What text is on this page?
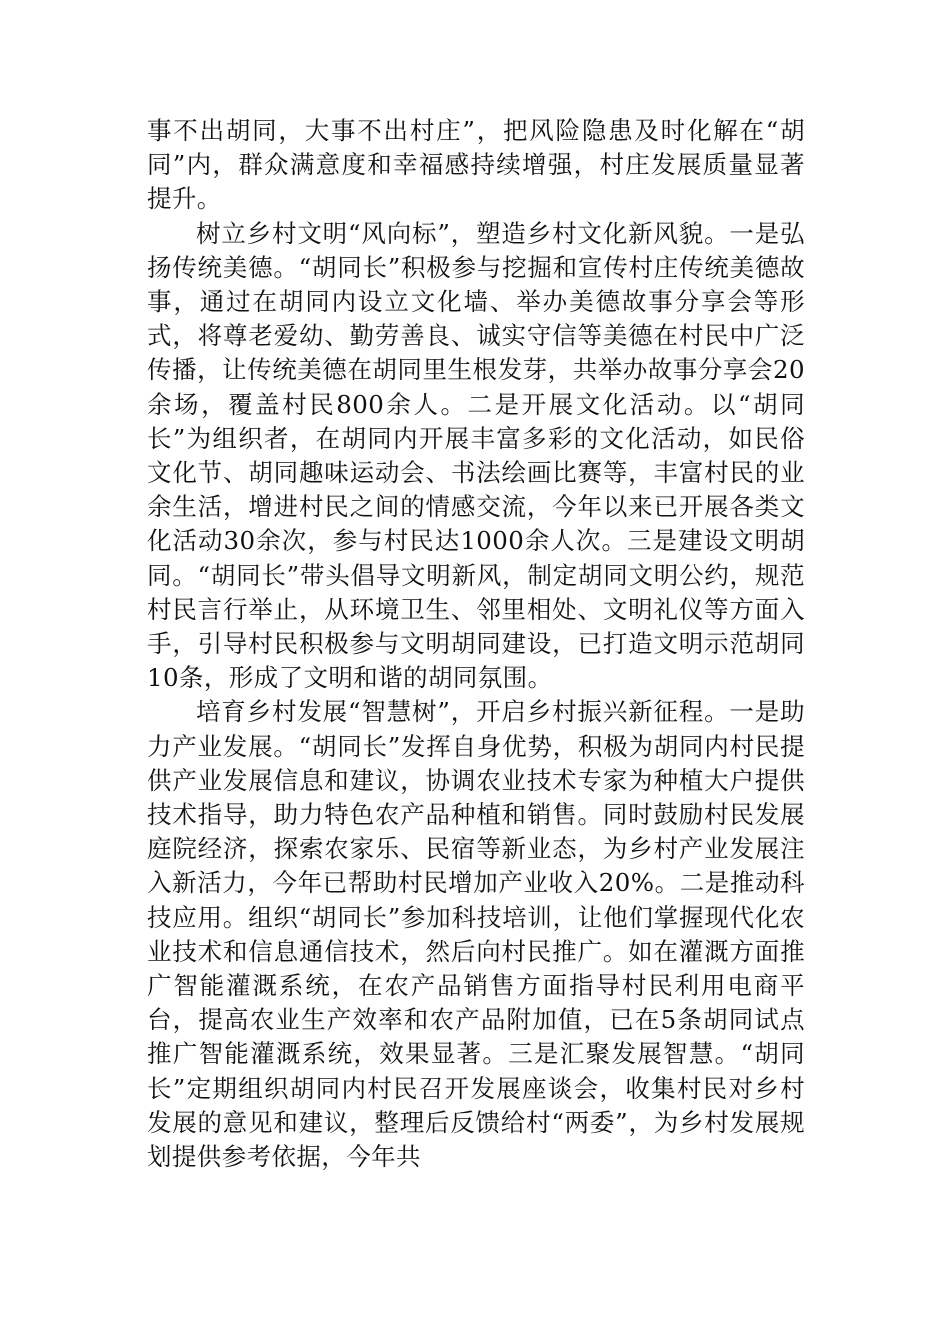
事不出胡同，大事不出村庄”，把风险隐患及时化解在“胡同”内，群众满意度和幸福感持续增强，村庄发展质量显著提升。

树立乡村文明“风向标”，塑造乡村文化新风貌。一是弘扬传统美德。“胡同长”积极参与挖掘和宣传村庄传统美德故事，通过在胡同内设立文化墙、举办美德故事分享会等形式，将尊老爱幼、勤劳善良、诚实守信等美德在村民中广泛传播，让传统美德在胡同里生根发芽，共举办故事分享会20余场，覆盖村民800余人。二是开展文化活动。以“胡同长”为组织者，在胡同内开展丰富多彩的文化活动，如民俗文化节、胡同趣味运动会、书法绘画比赛等，丰富村民的业余生活，增进村民之间的情感交流，今年以来已开展各类文化活动30余次，参与村民达1000余人次。三是建设文明胡同。“胡同长”带头倡导文明新风，制定胡同文明公约，规范村民言行举止，从环境卫生、邻里相处、文明礼仪等方面入手，引导村民积极参与文明胡同建设，已打造文明示范胡同10条，形成了文明和谐的胡同氛围。

培育乡村发展“智慧树”，开启乡村振兴新征程。一是助力产业发展。“胡同长”发挥自身优势，积极为胡同内村民提供产业发展信息和建议，协调农业技术专家为种植大户提供技术指导，助力特色农产品种植和销售。同时鼓励村民发展庭院经济，探索农家乐、民宿等新业态，为乡村产业发展注入新活力，今年已帮助村民增加产业收入20%。二是推动科技应用。组织“胡同长”参加科技培训，让他们掌握现代化农业技术和信息通信技术，然后向村民推广。如在灌溉方面推广智能灌溉系统，在农产品销售方面指导村民利用电商平台，提高农业生产效率和农产品附加值，已在5条胡同试点推广智能灌溉系统，效果显著。三是汇聚发展智慧。“胡同长”定期组织胡同内村民召开发展座谈会，收集村民对乡村发展的意见和建议，整理后反馈给村“两委”，为乡村发展规划提供参考依据，今年共
